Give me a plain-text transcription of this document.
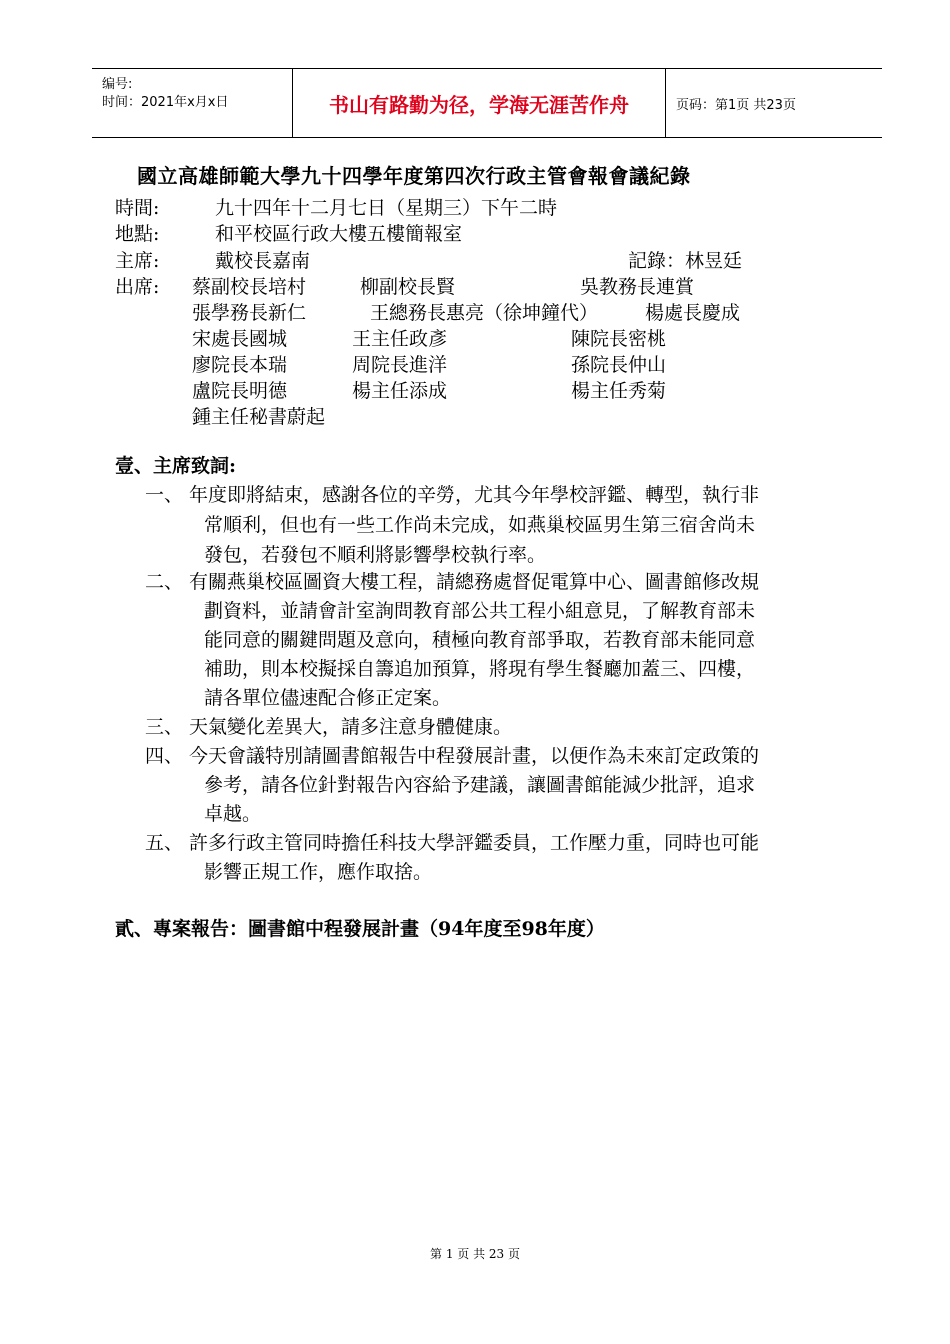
编号:
时间：2021年x月x日	书山有路勤为径，学海无涯苦作舟	页码：第1页 共23页
國立高雄師範大學九十四學年度第四次行政主管會報會議紀錄
時間:	九十四年十二月七日（星期三）下午二時
地點:	和平校區行政大樓五樓簡報室
主席:	戴校長嘉南	記錄：林昱廷
出席: 蔡副校長培村	柳副校長賢	吳教務長連賞
張學務長新仁	王總務長惠亮（徐坤鐘代） 楊處長慶成
宋處長國城	王主任政彥	陳院長密桃
廖院長本瑞	周院長進洋	孫院長仲山
盧院長明德	楊主任添成	楊主任秀菊
鍾主任秘書蔚起
壹、主席致詞:
一、 年度即將結束，感謝各位的辛勞，尤其今年學校評鑑、轉型，執行非
常順利，但也有一些工作尚未完成，如燕巢校區男生第三宿舍尚未
發包，若發包不順利將影響學校執行率。
二、 有關燕巢校區圖資大樓工程，請總務處督促電算中心、圖書館修改規
劃資料，並請會計室詢問教育部公共工程小組意見，了解教育部未
能同意的關鍵問題及意向，積極向教育部爭取，若教育部未能同意
補助，則本校擬採自籌追加預算，將現有學生餐廳加蓋三、四樓，
請各單位儘速配合修正定案。
三、 天氣變化差異大，請多注意身體健康。
四、 今天會議特別請圖書館報告中程發展計畫，以便作為未來訂定政策的
參考，請各位針對報告內容給予建議，讓圖書館能減少批評，追求
卓越。
五、 許多行政主管同時擔任科技大學評鑑委員，工作壓力重，同時也可能
影響正規工作，應作取捨。
貳、專案報告：圖書館中程發展計畫（94年度至98年度）
第 1 页 共 23 页
